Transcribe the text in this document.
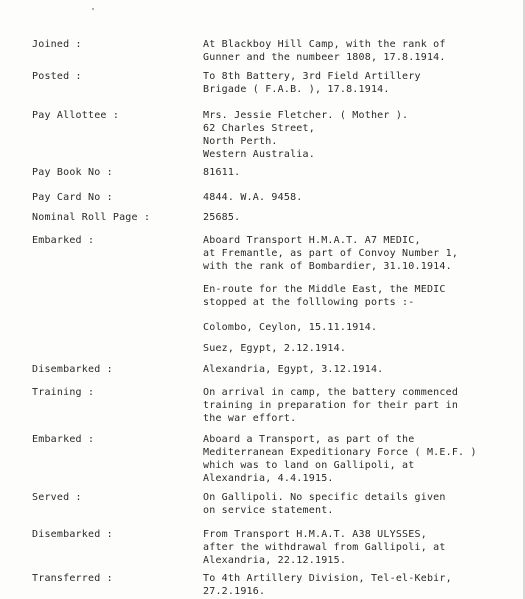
Joined :	At Blackboy Hill Camp, with the rank of
Gunner and the numbeer 1808, 17.8.1914.
Posted :	To 8th Battery, 3rd Field Artillery
Brigade ( F.A.B. ), 17.8.1914.
Pay Allottee :	Mrs. Jessie Fletcher. ( Mother ).
62 Charles Street,
North Perth.
Western Australia.
Pay Book No :	81611.
Pay Card No :	4844. W.A. 9458.
Nominal Roll Page :	25685.
Embarked :	Aboard Transport H.M.A.T. A7 MEDIC,
at Fremantle, as part of Convoy Number 1,
with the rank of Bombardier, 31.10.1914.
En-route for the Middle East, the MEDIC
stopped at the folllowing ports :-
Colombo, Ceylon, 15.11.1914.
Suez, Egypt, 2.12.1914.
Disembarked :	Alexandria, Egypt, 3.12.1914.
Training :	On arrival in camp, the battery commenced
training in preparation for their part in
the war effort.
Embarked :	Aboard a Transport, as part of the
Mediterranean Expeditionary Force ( M.E.F. )
which was to land on Gallipoli, at
Alexandria, 4.4.1915.
Served :	On Gallipoli. No specific details given
on service statement.
Disembarked :	From Transport H.M.A.T. A38 ULYSSES,
after the withdrawal from Gallipoli, at
Alexandria, 22.12.1915.
Transferred :	To 4th Artillery Division, Tel-el-Kebir,
27.2.1916.
